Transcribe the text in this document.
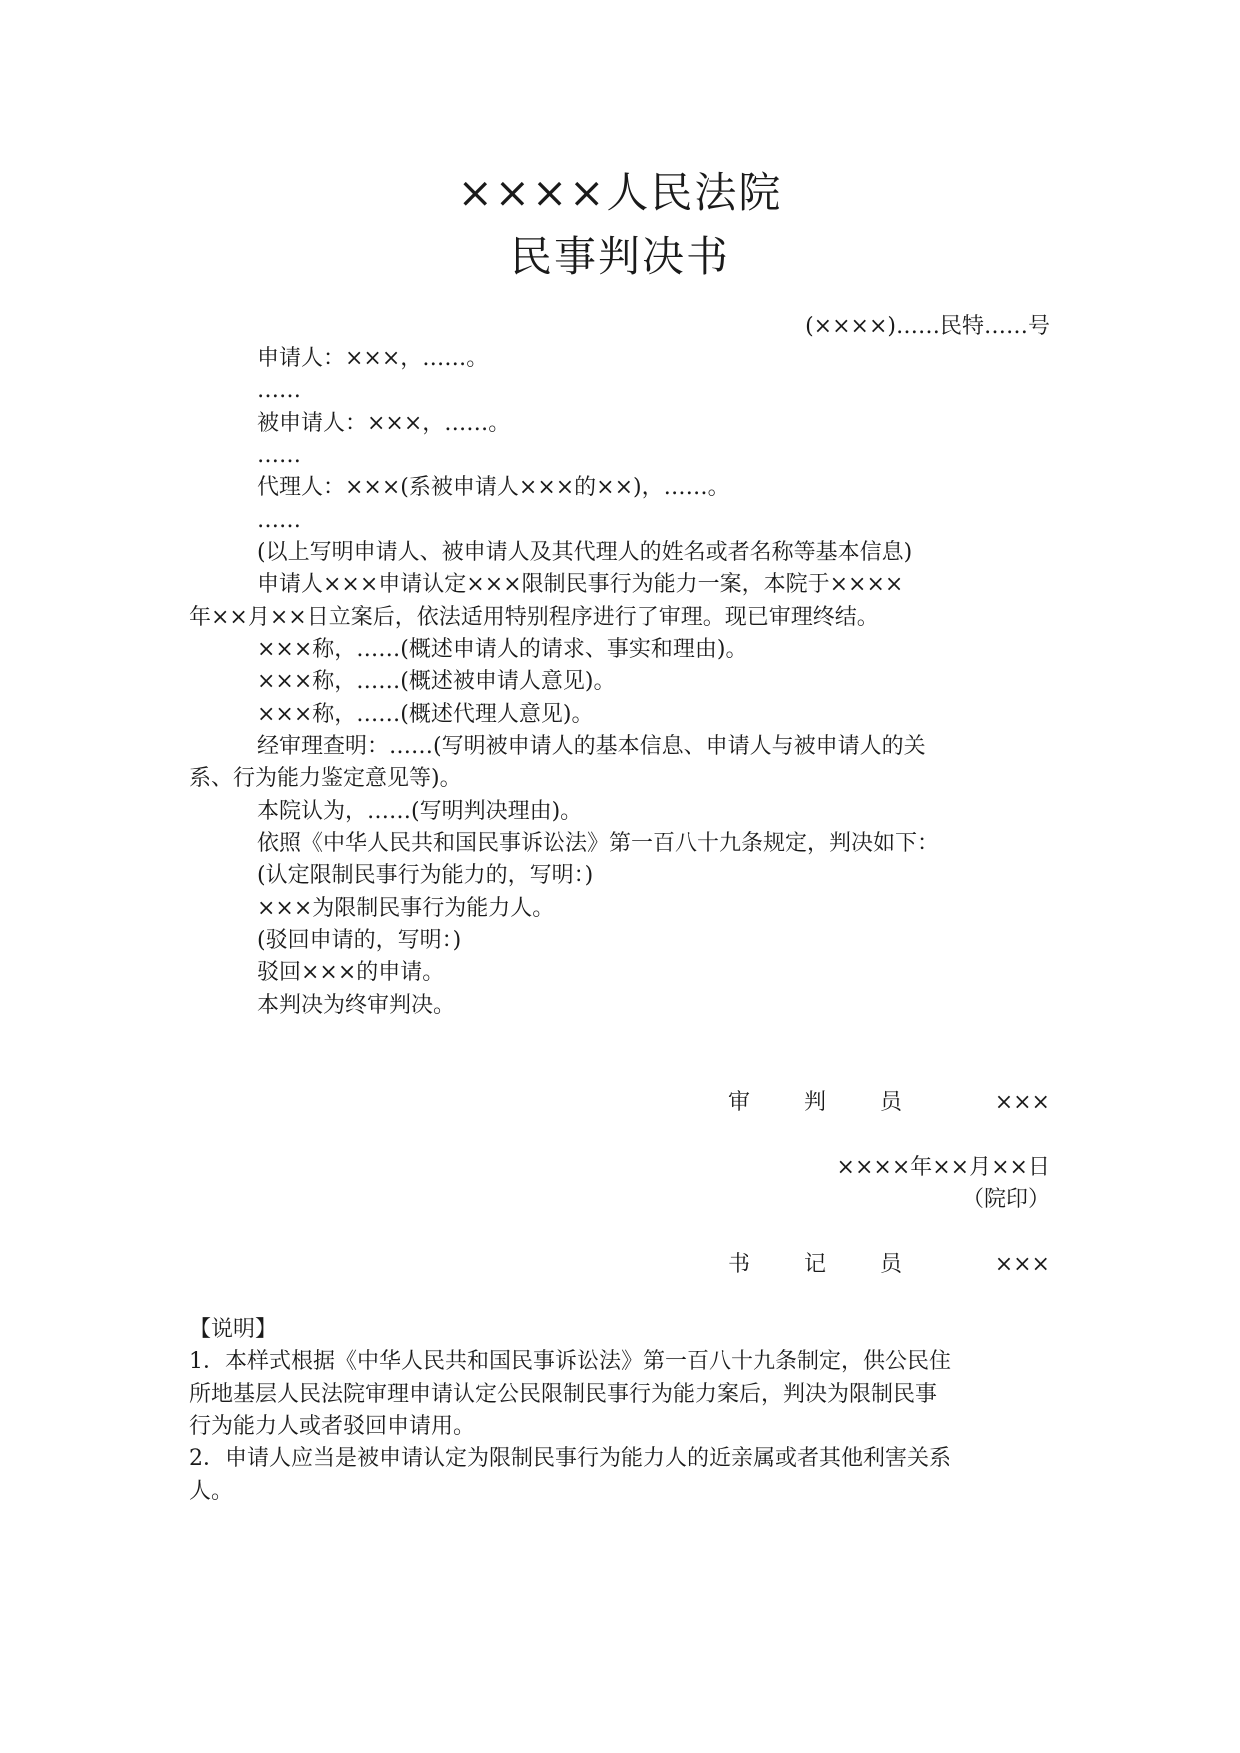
××××人民法院
民事判决书
(××××)……民特……号
申请人：×××，……。
……
被申请人：×××，……。
……
代理人：×××(系被申请人×××的××)，……。
……
(以上写明申请人、被申请人及其代理人的姓名或者名称等基本信息)
申请人×××申请认定×××限制民事行为能力一案，本院于××××
年××月××日立案后，依法适用特别程序进行了审理。现已审理终结。
×××称，……(概述申请人的请求、事实和理由)。
×××称，……(概述被申请人意见)。
×××称，……(概述代理人意见)。
经审理查明：……(写明被申请人的基本信息、申请人与被申请人的关
系、行为能力鉴定意见等)。
本院认为，……(写明判决理由)。
依照《中华人民共和国民事诉讼法》第一百八十九条规定，判决如下：
(认定限制民事行为能力的，写明：)
×××为限制民事行为能力人。
(驳回申请的，写明：)
驳回×××的申请。
本判决为终审判决。
审 判 员	×××
××××年××月××日
（院印）
书 记 员	×××
【说明】
1．本样式根据《中华人民共和国民事诉讼法》第一百八十九条制定，供公民住
所地基层人民法院审理申请认定公民限制民事行为能力案后，判决为限制民事
行为能力人或者驳回申请用。
2．申请人应当是被申请认定为限制民事行为能力人的近亲属或者其他利害关系
人。
